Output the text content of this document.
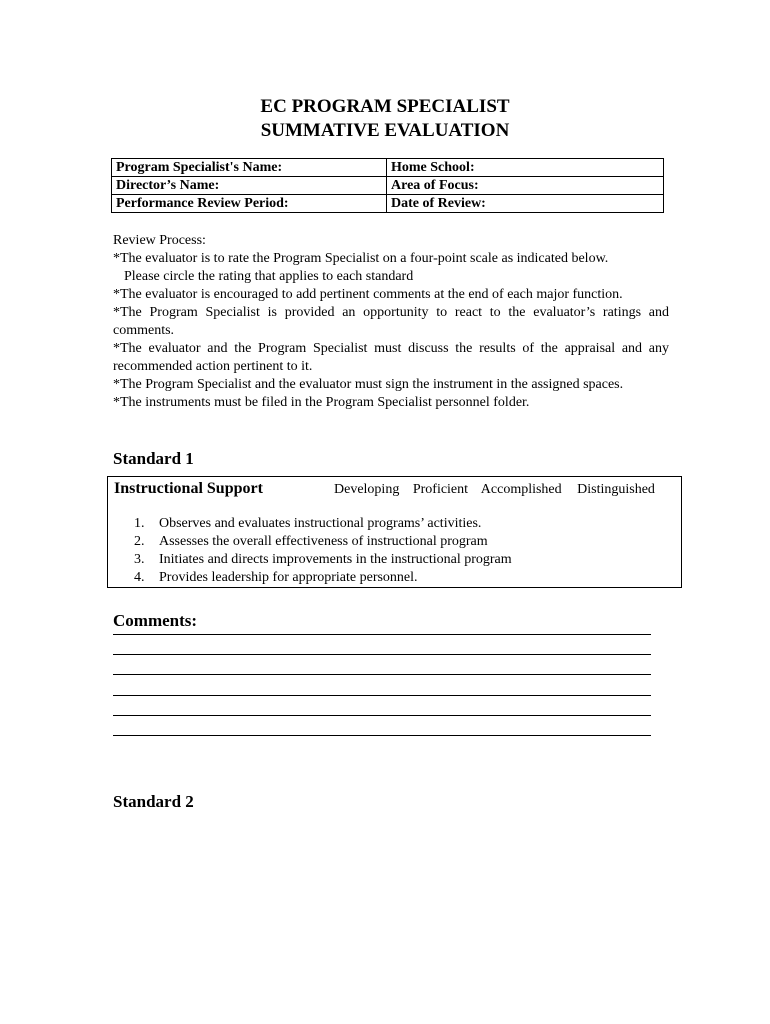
EC PROGRAM SPECIALIST
SUMMATIVE EVALUATION
Program Specialist's Name:	Home School:
Director’s Name:	Area of Focus:
Performance Review Period:	Date of Review:

Review Process:

*The evaluator is to rate the Program Specialist on a four-point scale as indicated below.

Please circle the rating that applies to each standard

*The evaluator is encouraged to add pertinent comments at the end of each major function.

*The Program Specialist is provided an opportunity to react to the evaluator’s ratings and comments.

*The evaluator and the Program Specialist must discuss the results of the appraisal and any recommended action pertinent to it.

*The Program Specialist and the evaluator must sign the instrument in the assigned spaces.

*The instruments must be filed in the Program Specialist personnel folder.

Standard 1
Instructional Support	Developing Proficient Accomplished Distinguished
1.	Observes and evaluates instructional programs’ activities.
2.	Assesses the overall effectiveness of instructional program
3.	Initiates and directs improvements in the instructional program
4.	Provides leadership for appropriate personnel.
Comments:
Standard 2
